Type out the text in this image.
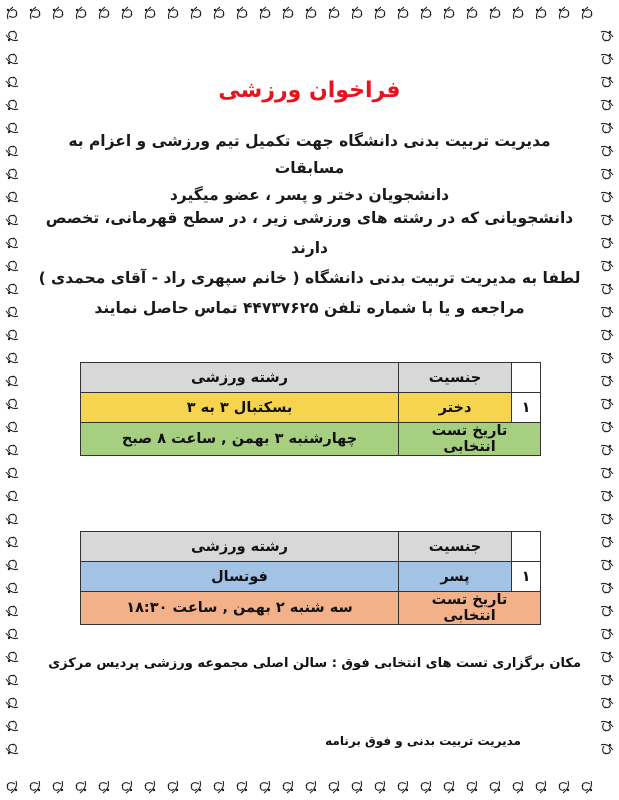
فراخوان ورزشی
مدیریت تربیت بدنی دانشگاه جهت تکمیل تیم ورزشی و اعزام به مسابقات
دانشجویان دختر و پسر ، عضو میگیرد
دانشجویانی که در رشته های ورزشی زیر ، در سطح قهرمانی، تخصص دارند
لطفا به مدیریت تربیت بدنی دانشگاه ( خانم سپهری راد - آقای محمدی )
مراجعه و یا با شماره تلفن ۴۴۷۳۷۶۲۵ تماس حاصل نمایند
	جنسیت	رشته ورزشی
۱	دختر	بسکتبال ۳ به ۳
تاریخ تست انتخابی		چهارشنبه ۳ بهمن , ساعت ۸ صبح
	جنسیت	رشته ورزشی
۱	پسر	فوتسال
تاریخ تست انتخابی		سه شنبه ۲ بهمن , ساعت ۱۸:۳۰
مکان برگزاری تست های انتخابی فوق : سالن اصلی مجموعه ورزشی پردیس مرکزی
مدیریت تربیت بدنی و فوق برنامه
